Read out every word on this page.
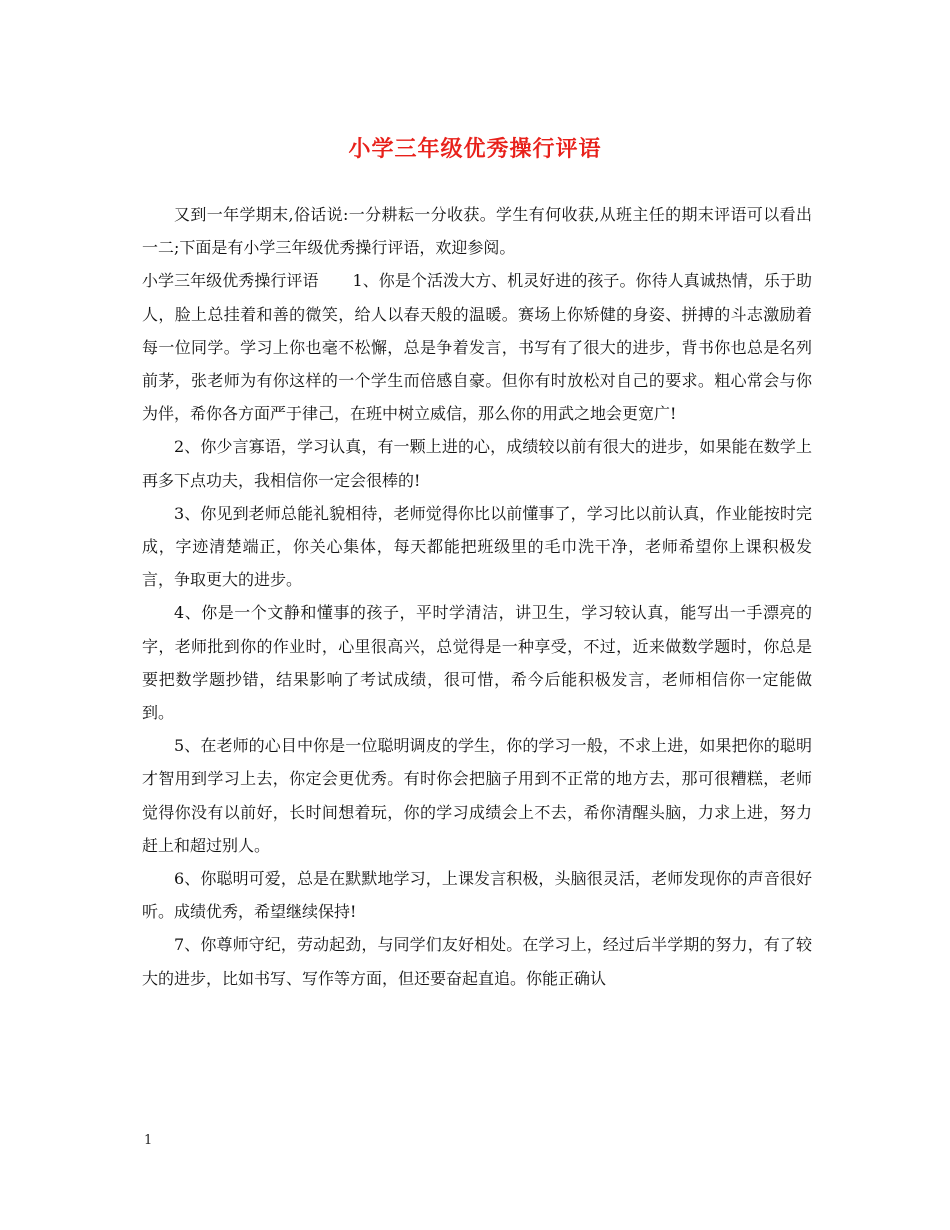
小学三年级优秀操行评语

又到一年学期末,俗话说:一分耕耘一分收获。学生有何收获,从班主任的期末评语可以看出一二;下面是有小学三年级优秀操行评语，欢迎参阅。

小学三年级优秀操行评语 1、你是个活泼大方、机灵好进的孩子。你待人真诚热情，乐于助人，脸上总挂着和善的微笑，给人以春天般的温暖。赛场上你矫健的身姿、拼搏的斗志激励着每一位同学。学习上你也毫不松懈，总是争着发言，书写有了很大的进步，背书你也总是名列前茅，张老师为有你这样的一个学生而倍感自豪。但你有时放松对自己的要求。粗心常会与你为伴，希你各方面严于律己，在班中树立威信，那么你的用武之地会更宽广!

2、你少言寡语，学习认真，有一颗上进的心，成绩较以前有很大的进步，如果能在数学上再多下点功夫，我相信你一定会很棒的!

3、你见到老师总能礼貌相待，老师觉得你比以前懂事了，学习比以前认真，作业能按时完成，字迹清楚端正，你关心集体，每天都能把班级里的毛巾洗干净，老师希望你上课积极发言，争取更大的进步。

4、你是一个文静和懂事的孩子，平时学清洁，讲卫生，学习较认真，能写出一手漂亮的字，老师批到你的作业时，心里很高兴，总觉得是一种享受，不过，近来做数学题时，你总是要把数学题抄错，结果影响了考试成绩，很可惜，希今后能积极发言，老师相信你一定能做到。

5、在老师的心目中你是一位聪明调皮的学生，你的学习一般，不求上进，如果把你的聪明才智用到学习上去，你定会更优秀。有时你会把脑子用到不正常的地方去，那可很糟糕，老师觉得你没有以前好，长时间想着玩，你的学习成绩会上不去，希你清醒头脑，力求上进，努力赶上和超过别人。

6、你聪明可爱，总是在默默地学习，上课发言积极，头脑很灵活，老师发现你的声音很好听。成绩优秀，希望继续保持!

7、你尊师守纪，劳动起劲，与同学们友好相处。在学习上，经过后半学期的努力，有了较大的进步，比如书写、写作等方面，但还要奋起直追。你能正确认

1
